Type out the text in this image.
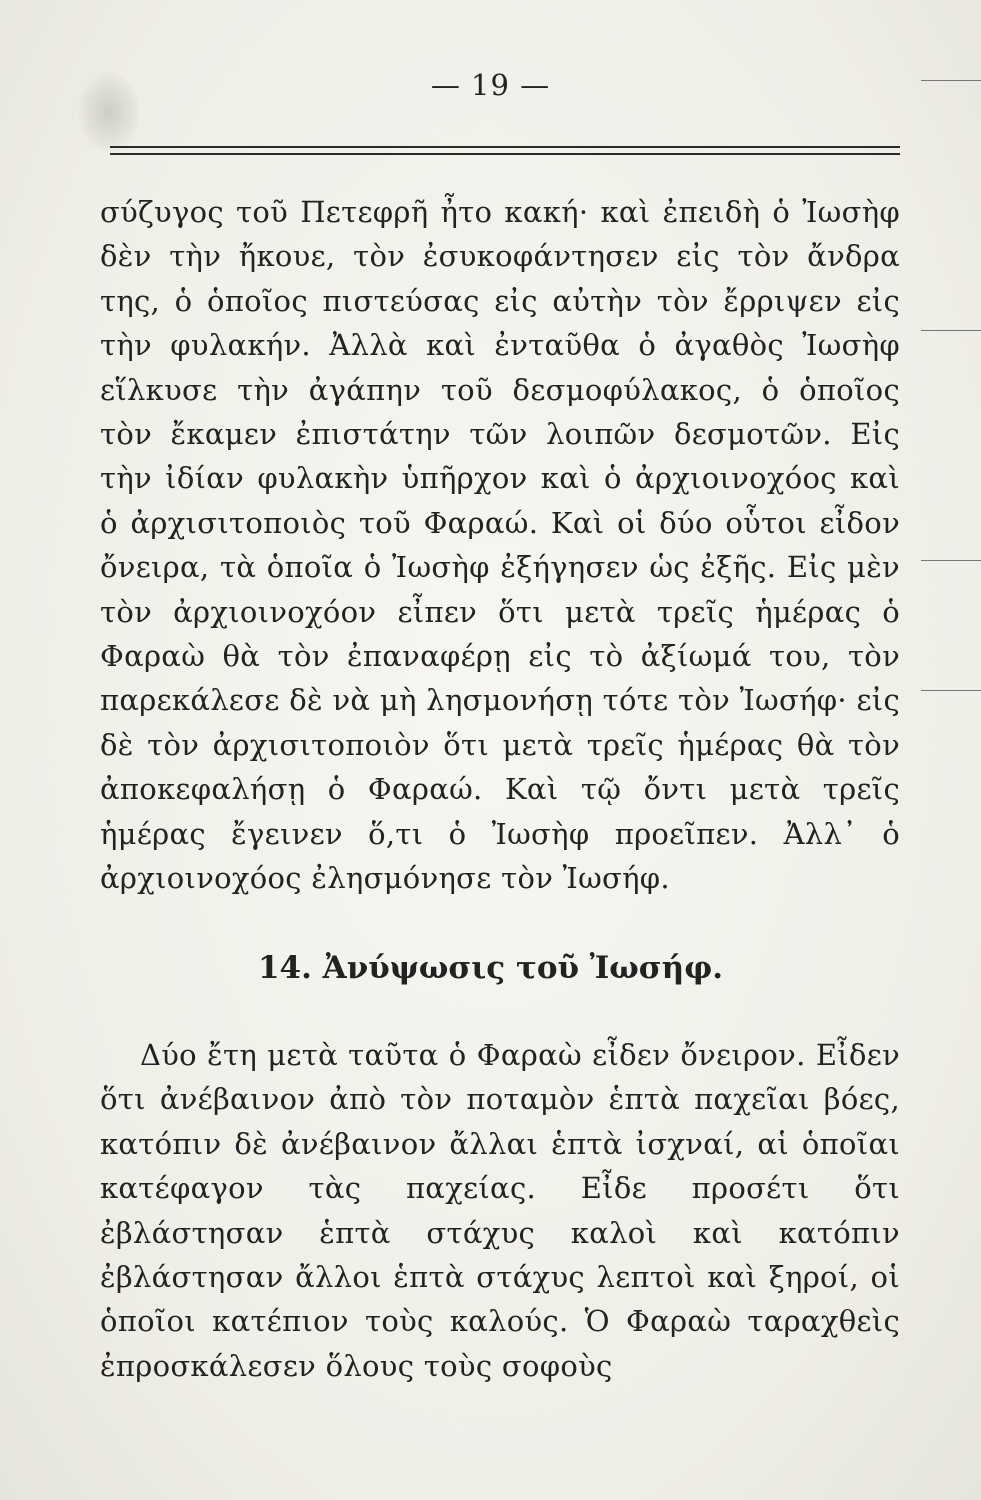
— 19 —

σύζυγος τοῦ Πετεφρῆ ἦτο κακή· καὶ ἐπειδὴ ὁ Ἰωσὴφ δὲν τὴν ἤκουε, τὸν ἐσυκοφάντησεν εἰς τὸν ἄνδρα της, ὁ ὁποῖος πιστεύσας εἰς αὐτὴν τὸν ἔρριψεν εἰς τὴν φυλακήν. Ἀλλὰ καὶ ἐνταῦθα ὁ ἀγαθὸς Ἰωσὴφ εἵλκυσε τὴν ἀγάπην τοῦ δεσμοφύλακος, ὁ ὁποῖος τὸν ἔκαμεν ἐπιστάτην τῶν λοιπῶν δεσμοτῶν. Εἰς τὴν ἰδίαν φυλακὴν ὑπῆρχον καὶ ὁ ἀρχιοινοχόος καὶ ὁ ἀρχισιτοποιὸς τοῦ Φαραώ. Καὶ οἱ δύο οὗτοι εἶδον ὄνειρα, τὰ ὁποῖα ὁ Ἰωσὴφ ἐξήγησεν ὡς ἐξῆς. Εἰς μὲν τὸν ἀρχιοινοχόον εἶπεν ὅτι μετὰ τρεῖς ἡμέρας ὁ Φαραὼ θὰ τὸν ἐπαναφέρῃ εἰς τὸ ἀξίωμά του, τὸν παρεκάλεσε δὲ νὰ μὴ λησμονήσῃ τότε τὸν Ἰωσήφ· εἰς δὲ τὸν ἀρχισιτοποιὸν ὅτι μετὰ τρεῖς ἡμέρας θὰ τὸν ἀποκεφαλήσῃ ὁ Φαραώ. Καὶ τῷ ὄντι μετὰ τρεῖς ἡμέρας ἔγεινεν ὅ,τι ὁ Ἰωσὴφ προεῖπεν. Ἀλλ᾽ ὁ ἀρχιοινοχόος ἐλησμόνησε τὸν Ἰωσήφ.

14. Ἀνύψωσις τοῦ Ἰωσήφ.

Δύο ἔτη μετὰ ταῦτα ὁ Φαραὼ εἶδεν ὄνειρον. Εἶδεν ὅτι ἀνέβαινον ἀπὸ τὸν ποταμὸν ἑπτὰ παχεῖαι βόες, κατόπιν δὲ ἀνέβαινον ἄλλαι ἑπτὰ ἰσχναί, αἱ ὁποῖαι κατέφαγον τὰς παχείας. Εἶδε προσέτι ὅτι ἐβλάστησαν ἑπτὰ στάχυς καλοὶ καὶ κατόπιν ἐβλάστησαν ἄλλοι ἑπτὰ στάχυς λεπτοὶ καὶ ξηροί, οἱ ὁποῖοι κατέπιον τοὺς καλούς. Ὁ Φαραὼ ταραχθεὶς ἐπροσκάλεσεν ὅλους τοὺς σοφοὺς
